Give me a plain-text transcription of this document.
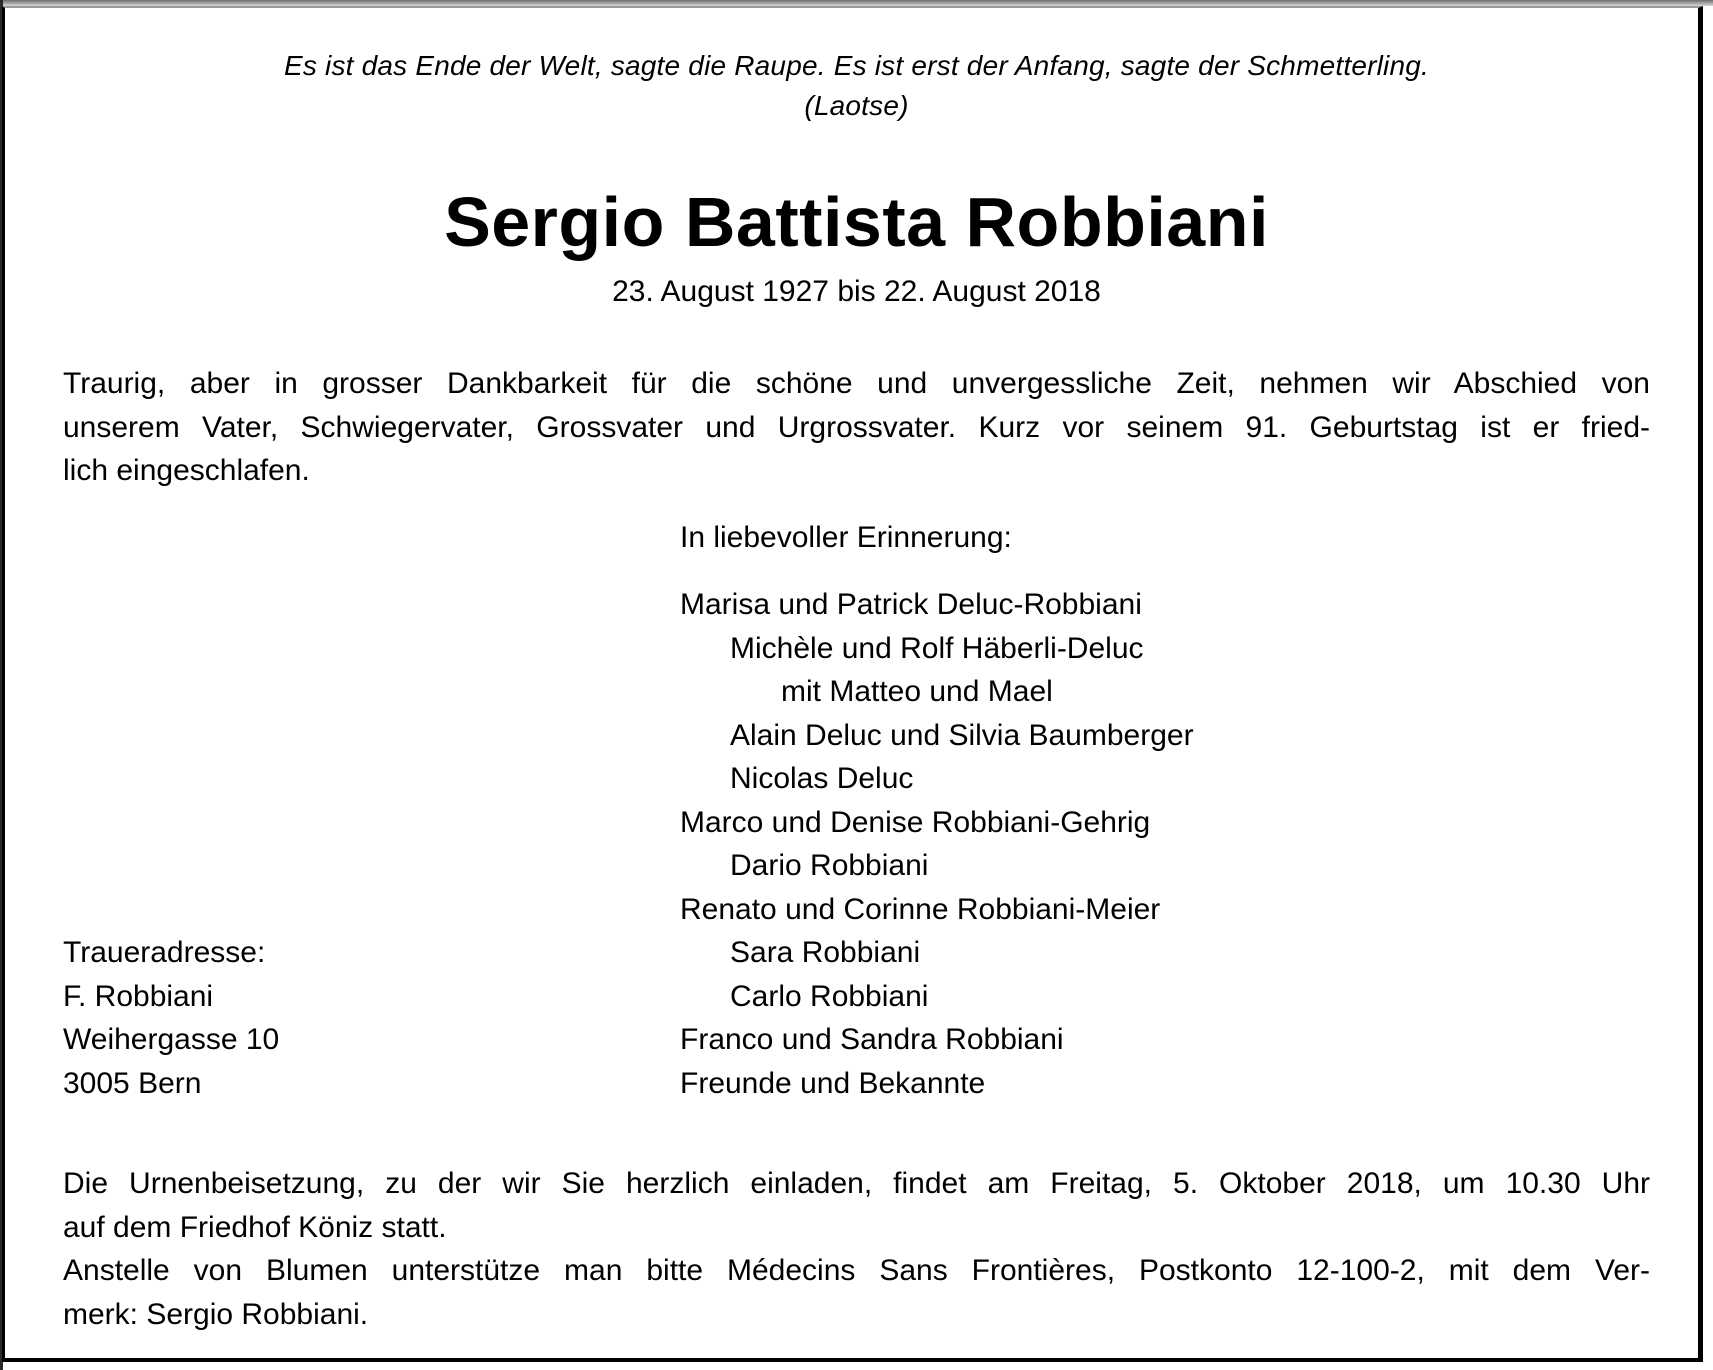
Es ist das Ende der Welt, sagte die Raupe. Es ist erst der Anfang, sagte der Schmetterling.
(Laotse)
Sergio Battista Robbiani
23. August 1927 bis 22. August 2018
Traurig, aber in grosser Dankbarkeit für die schöne und unvergessliche Zeit, nehmen wir Abschied von
unserem Vater, Schwiegervater, Grossvater und Urgrossvater. Kurz vor seinem 91. Geburtstag ist er fried-
lich eingeschlafen.
In liebevoller Erinnerung:
Marisa und Patrick Deluc-Robbiani
Michèle und Rolf Häberli-Deluc
mit Matteo und Mael
Alain Deluc und Silvia Baumberger
Nicolas Deluc
Marco und Denise Robbiani-Gehrig
Dario Robbiani
Renato und Corinne Robbiani-Meier
Sara Robbiani
Carlo Robbiani
Franco und Sandra Robbiani
Freunde und Bekannte
Traueradresse:
F. Robbiani
Weihergasse 10
3005 Bern
Die Urnenbeisetzung, zu der wir Sie herzlich einladen, findet am Freitag, 5. Oktober 2018, um 10.30 Uhr
auf dem Friedhof Köniz statt.
Anstelle von Blumen unterstütze man bitte Médecins Sans Frontières, Postkonto 12-100-2, mit dem Ver-
merk: Sergio Robbiani.
